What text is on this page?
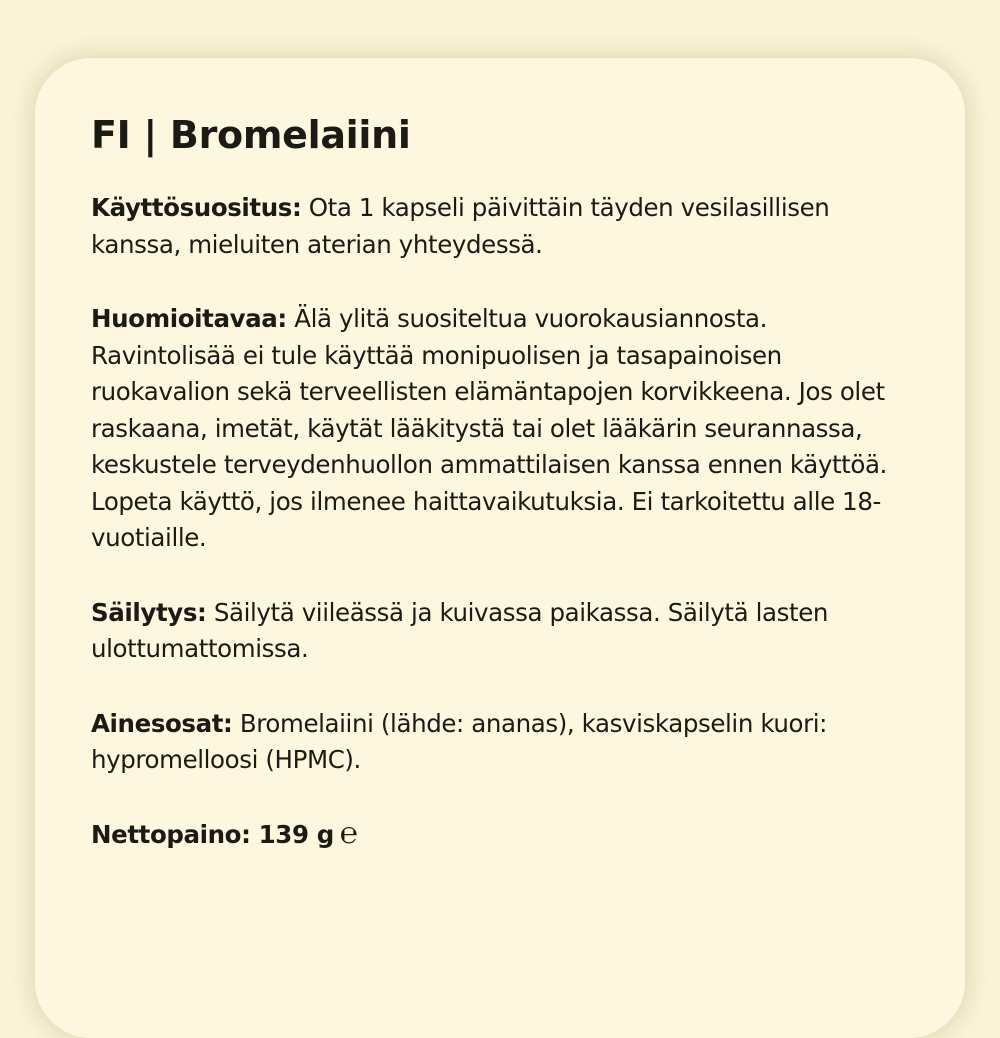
FI | Bromelaiini

Käyttösuositus: Ota 1 kapseli päivittäin täyden vesilasillisen kanssa, mieluiten aterian yhteydessä.

Huomioitavaa: Älä ylitä suositeltua vuorokausiannosta. Ravintolisää ei tule käyttää monipuolisen ja tasapainoisen ruokavalion sekä terveellisten elämäntapojen korvikkeena. Jos olet raskaana, imetät, käytät lääkitystä tai olet lääkärin seurannassa, keskustele terveydenhuollon ammattilaisen kanssa ennen käyttöä. Lopeta käyttö, jos ilmenee haittavaikutuksia. Ei tarkoitettu alle 18-vuotiaille.

Säilytys: Säilytä viileässä ja kuivassa paikassa. Säilytä lasten ulottumattomissa.

Ainesosat: Bromelaiini (lähde: ananas), kasviskapselin kuori: hypromelloosi (HPMC).

Nettopaino: 139 g ℮
